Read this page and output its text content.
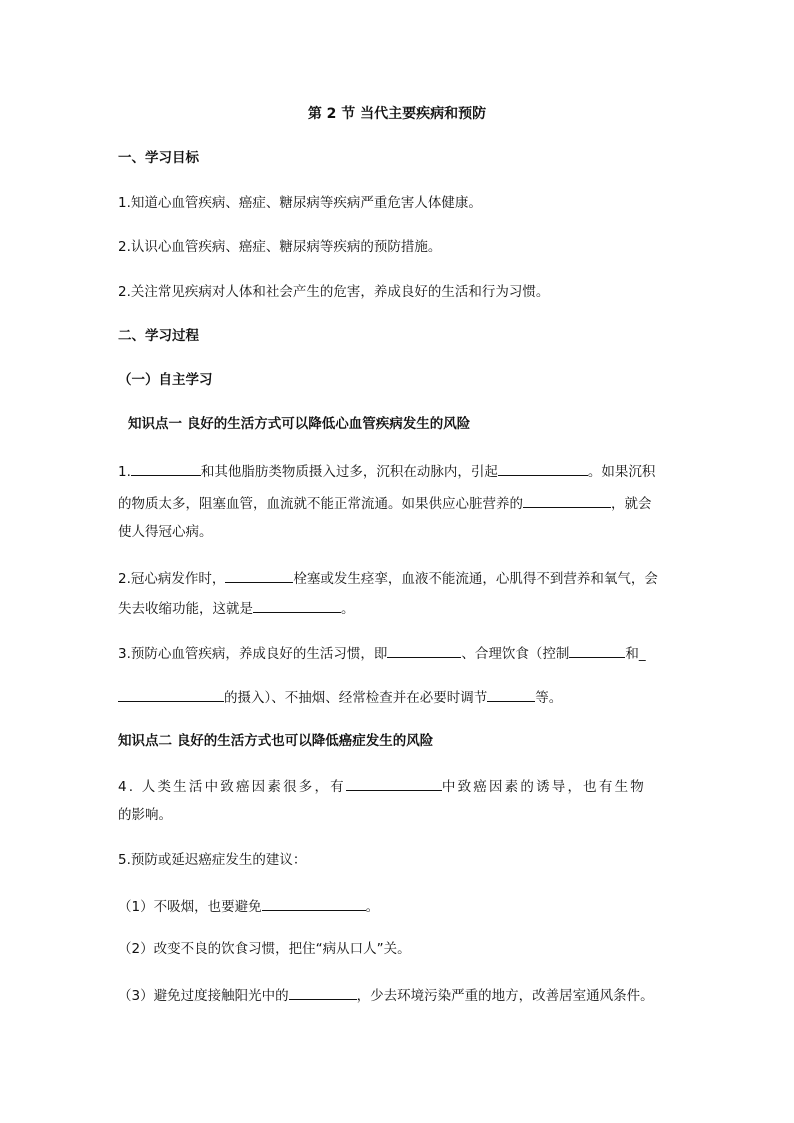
第 2 节 当代主要疾病和预防
一、学习目标
1.知道心血管疾病、癌症、糖尿病等疾病严重危害人体健康。
2.认识心血管疾病、癌症、糖尿病等疾病的预防措施。
2.关注常见疾病对人体和社会产生的危害，养成良好的生活和行为习惯。
二、学习过程
（一）自主学习
知识点一 良好的生活方式可以降低心血管疾病发生的风险
1.	和其他脂肪类物质摄入过多，沉积在动脉内，引起	。如果沉积
的物质太多，阻塞血管，血流就不能正常流通。如果供应心脏营养的	，就会
使人得冠心病。
2.冠心病发作时，	栓塞或发生痉挛，血液不能流通，心肌得不到营养和氧气，会
失去收缩功能，这就是	。
3.预防心血管疾病，养成良好的生活习惯，即	、合理饮食（控制	和_
的摄入）、不抽烟、经常检查并在必要时调节	等。
知识点二 良好的生活方式也可以降低癌症发生的风险
4. 人类生活中致癌因素很多，有	中致癌因素的诱导，也有生物
的影响。
5.预防或延迟癌症发生的建议：
（1）不吸烟，也要避免	。
（2）改变不良的饮食习惯，把住“病从口人”关。
（3）避免过度接触阳光中的	，少去环境污染严重的地方，改善居室通风条件。
